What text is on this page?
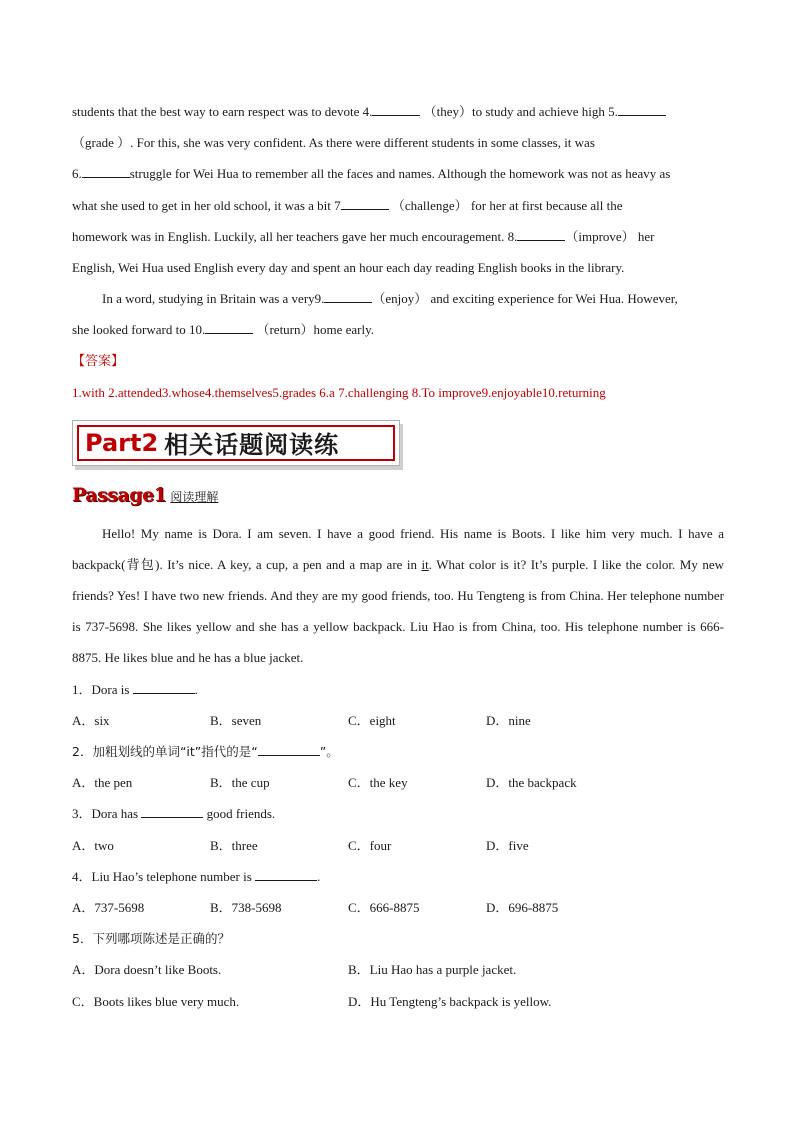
students that the best way to earn respect was to devote 4.	（they）to study and achieve high 5.

（grade ）. For this, she was very confident. As there were different students in some classes, it was

6.	struggle for Wei Hua to remember all the faces and names. Although the homework was not as heavy as

what she used to get in her old school, it was a bit 7	（challenge） for her at first because all the

homework was in English. Luckily, all her teachers gave her much encouragement. 8.	（improve） her

English, Wei Hua used English every day and spent an hour each day reading English books in the library.

In a word, studying in Britain was a very9.	（enjoy） and exciting experience for Wei Hua. However,

she looked forward to 10.	（return）home early.

【答案】

1.with 2.attended3.whose4.themselves5.grades 6.a 7.challenging 8.To improve9.enjoyable10.returning

Part2 相关话题阅读练
Passage1 阅读理解

Hello! My name is Dora. I am seven. I have a good friend. His name is Boots. I like him very much. I have a backpack(背包). It’s nice. A key, a cup, a pen and a map are in it. What color is it? It’s purple. I like the color. My new friends? Yes! I have two new friends. And they are my good friends, too. Hu Tengteng is from China. Her telephone number is 737-5698. She likes yellow and she has a yellow backpack. Liu Hao is from China, too. His telephone number is 666-8875. He likes blue and he has a blue jacket.

1．Dora is	.

A．six	B．seven	C．eight	D．nine

2．加粗划线的单词“it”指代的是“	”。

A．the pen	B．the cup	C．the key	D．the backpack

3．Dora has	good friends.

A．two	B．three	C．four	D．five

4．Liu Hao’s telephone number is	.

A．737-5698	B．738-5698	C．666-8875	D．696-8875

5．下列哪项陈述是正确的？

A．Dora doesn’t like Boots.	B．Liu Hao has a purple jacket.
C．Boots likes blue very much.	D．Hu Tengteng’s backpack is yellow.
